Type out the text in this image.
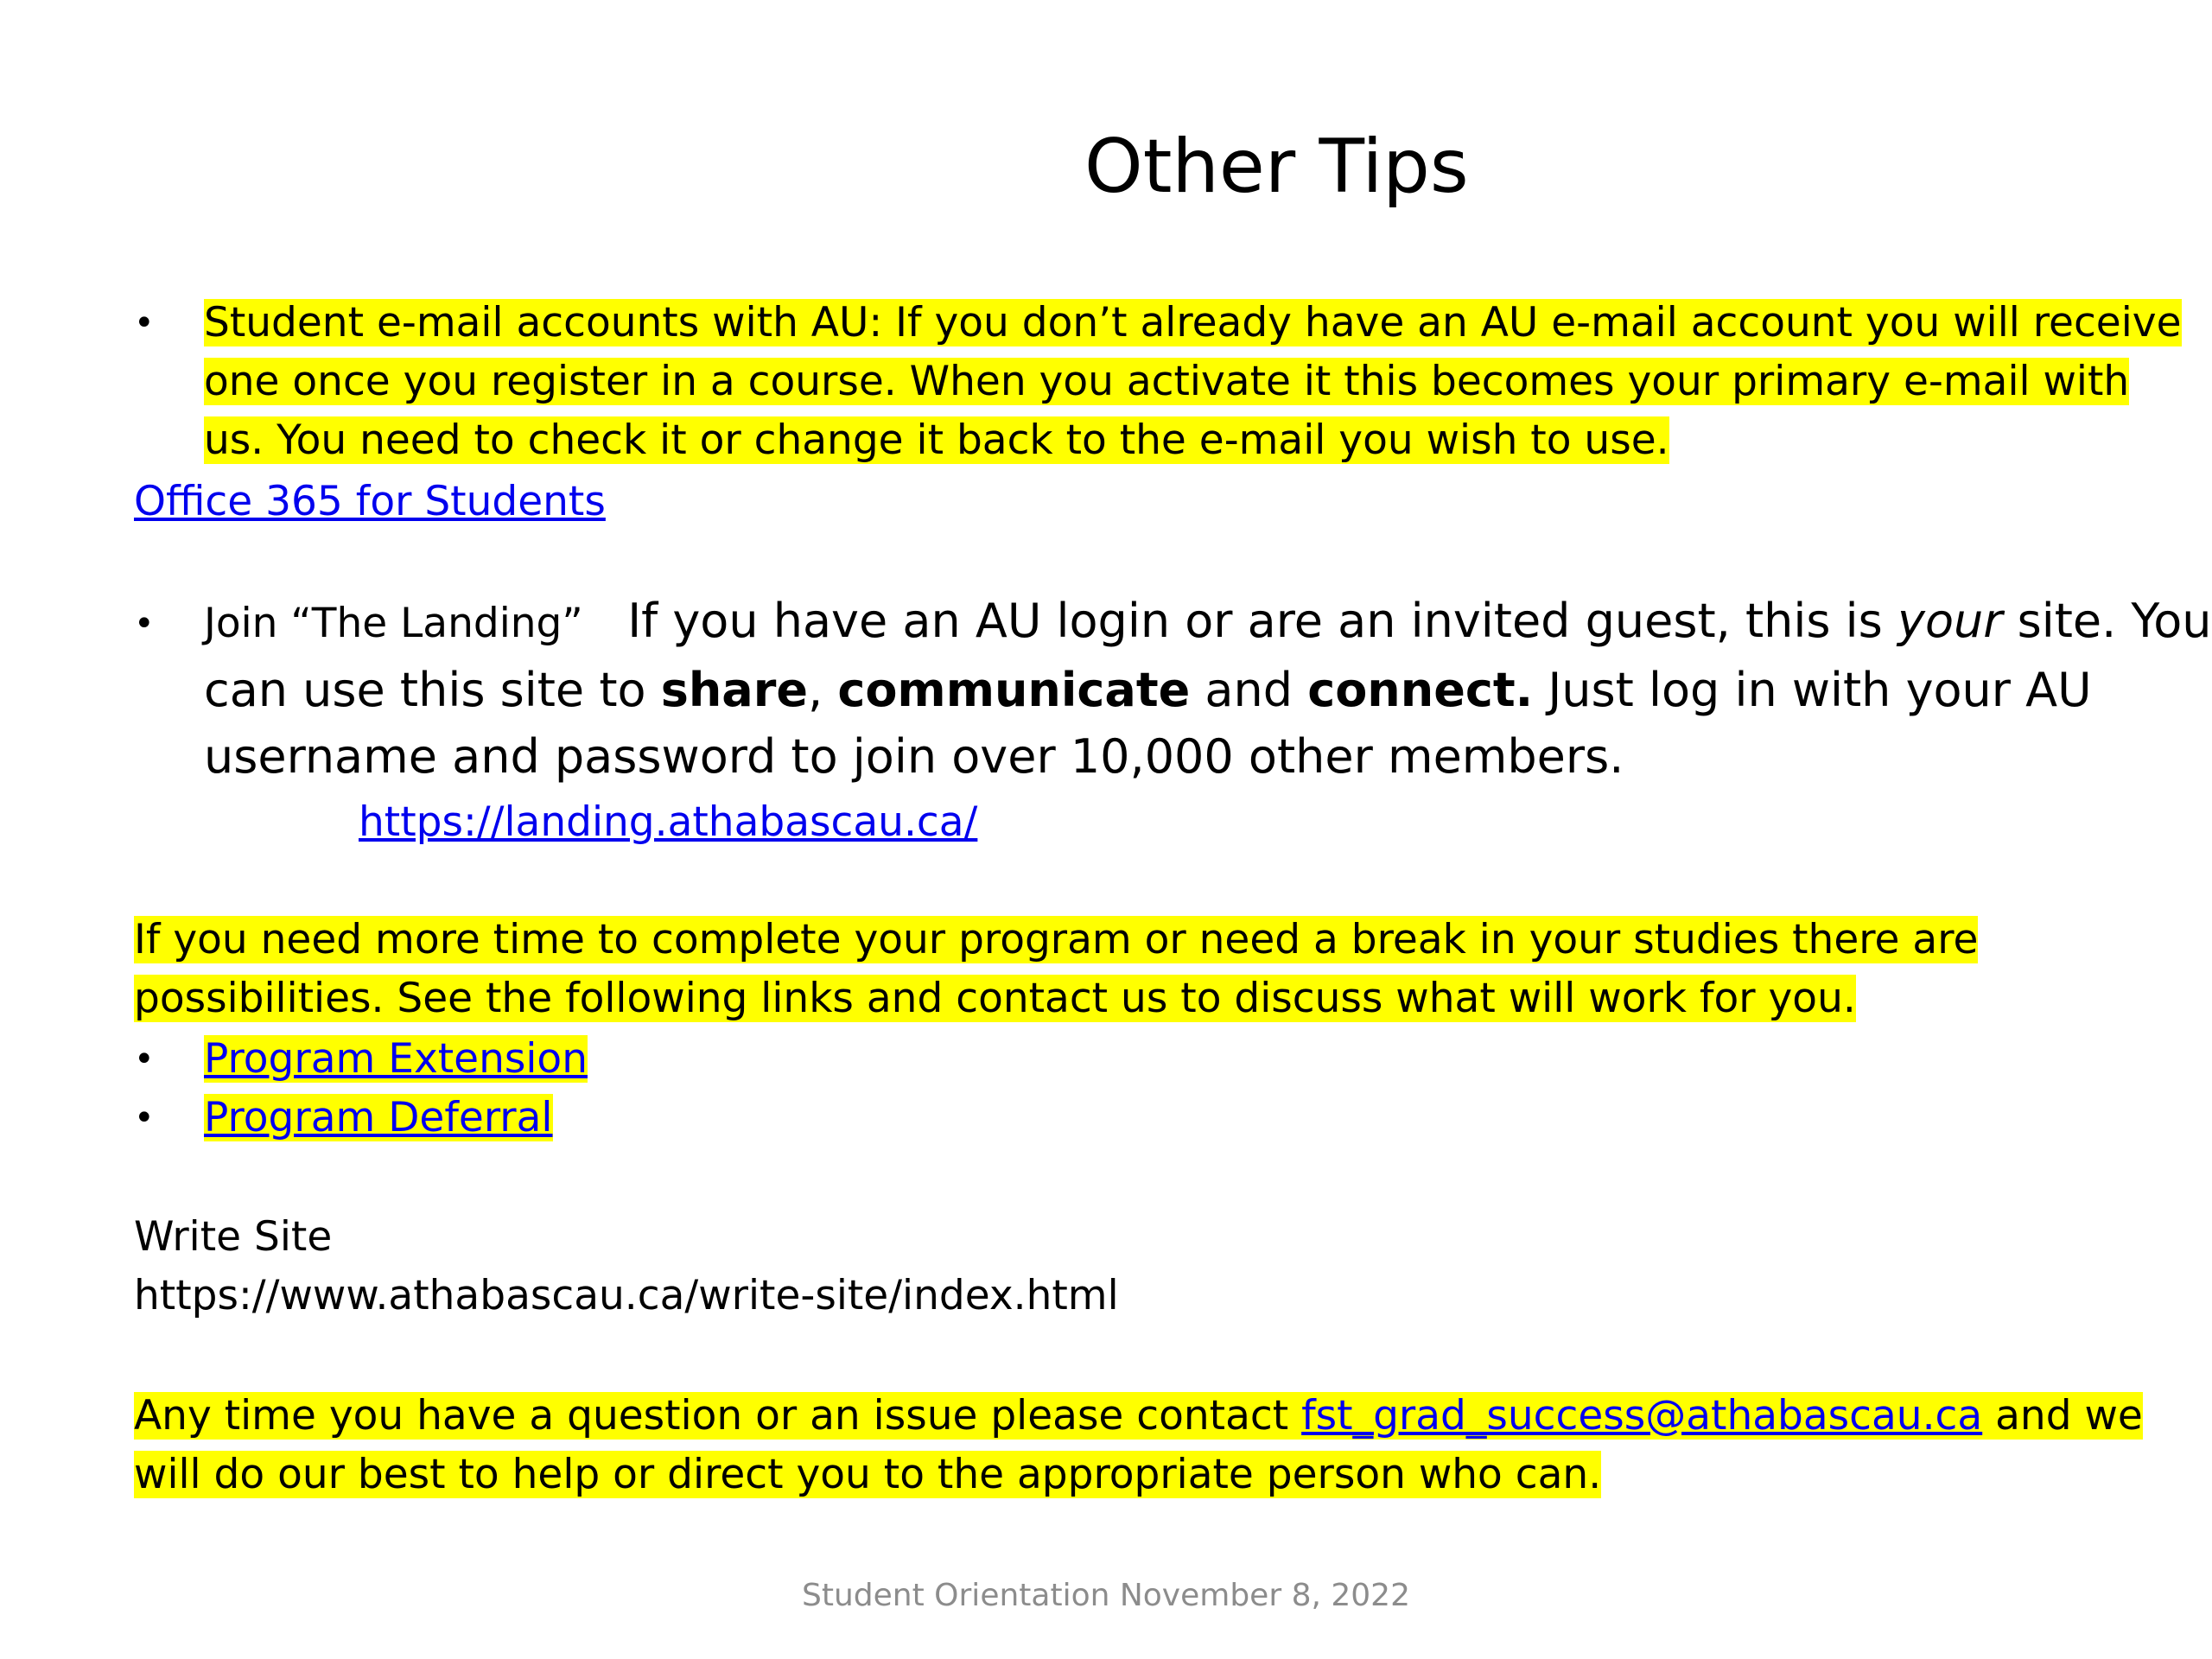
Other Tips
• Student e-mail accounts with AU: If you don’t already have an AU e-mail account you will receive
one once you register in a course. When you activate it this becomes your primary e-mail with
us. You need to check it or change it back to the e-mail you wish to use.
Office 365 for Students
• Join “The Landing” If you have an AU login or are an invited guest, this is your site. You
can use this site to share, communicate and connect. Just log in with your AU
username and password to join over 10,000 other members.
https://landing.athabascau.ca/
If you need more time to complete your program or need a break in your studies there are
possibilities. See the following links and contact us to discuss what will work for you.
• Program Extension
• Program Deferral
Write Site
https://www.athabascau.ca/write-site/index.html
Any time you have a question or an issue please contact fst_grad_success@athabascau.ca and we
will do our best to help or direct you to the appropriate person who can.
Student Orientation November 8, 2022
